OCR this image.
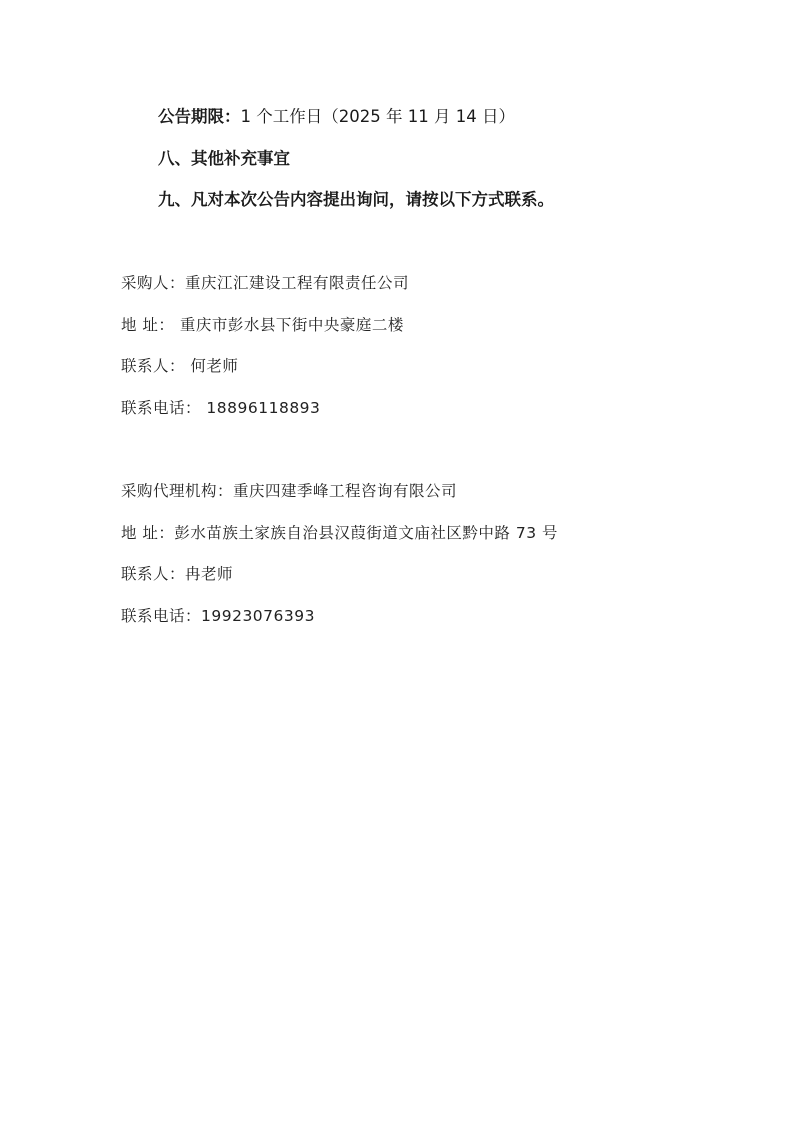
公告期限：1 个工作日（2025 年 11 月 14 日）
八、其他补充事宜
九、凡对本次公告内容提出询问，请按以下方式联系。
采购人：重庆江汇建设工程有限责任公司
地 址： 重庆市彭水县下街中央豪庭二楼
联系人： 何老师
联系电话： 18896118893
采购代理机构：重庆四建季峰工程咨询有限公司
地 址：彭水苗族土家族自治县汉葭街道文庙社区黔中路 73 号
联系人：冉老师
联系电话：19923076393
